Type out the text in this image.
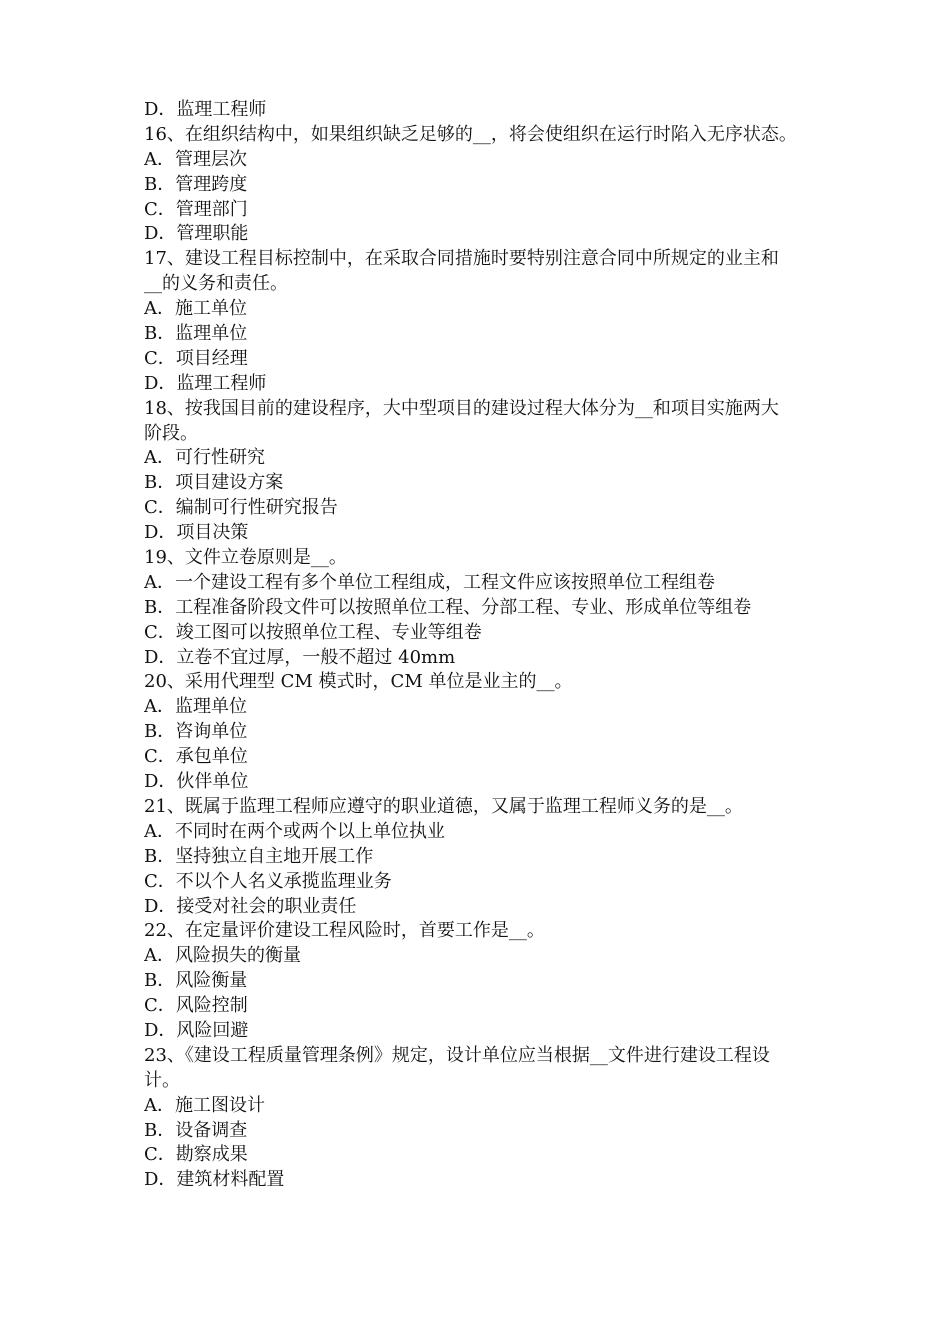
D．监理工程师

16、在组织结构中，如果组织缺乏足够的__，将会使组织在运行时陷入无序状态。

A．管理层次

B．管理跨度

C．管理部门

D．管理职能

17、建设工程目标控制中，在采取合同措施时要特别注意合同中所规定的业主和

__的义务和责任。

A．施工单位

B．监理单位

C．项目经理

D．监理工程师

18、按我国目前的建设程序，大中型项目的建设过程大体分为__和项目实施两大

阶段。

A．可行性研究

B．项目建设方案

C．编制可行性研究报告

D．项目决策

19、文件立卷原则是__。

A．一个建设工程有多个单位工程组成，工程文件应该按照单位工程组卷

B．工程准备阶段文件可以按照单位工程、分部工程、专业、形成单位等组卷

C．竣工图可以按照单位工程、专业等组卷

D．立卷不宜过厚，一般不超过 40mm

20、采用代理型 CM 模式时，CM 单位是业主的__。

A．监理单位

B．咨询单位

C．承包单位

D．伙伴单位

21、既属于监理工程师应遵守的职业道德，又属于监理工程师义务的是__。

A．不同时在两个或两个以上单位执业

B．坚持独立自主地开展工作

C．不以个人名义承揽监理业务

D．接受对社会的职业责任

22、在定量评价建设工程风险时，首要工作是__。

A．风险损失的衡量

B．风险衡量

C．风险控制

D．风险回避

23、《建设工程质量管理条例》规定，设计单位应当根据__文件进行建设工程设

计。

A．施工图设计

B．设备调查

C．勘察成果

D．建筑材料配置
